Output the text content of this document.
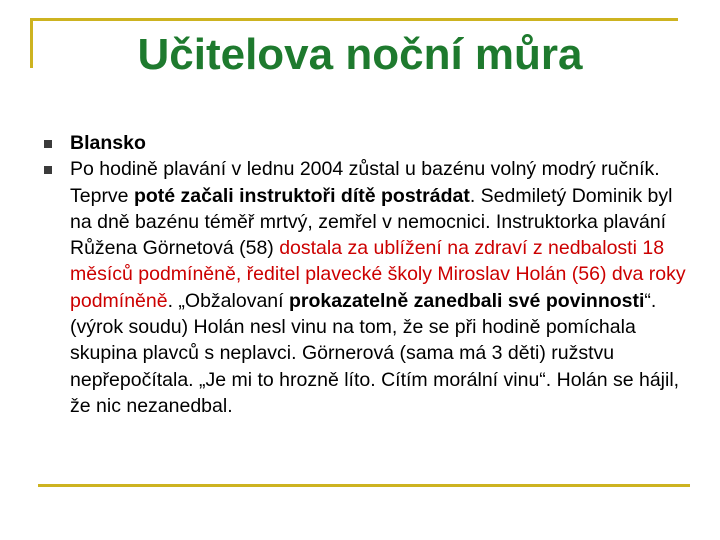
Učitelova noční můra
Blansko
Po hodině plavání v lednu 2004 zůstal u bazénu volný modrý ručník. Teprve poté začali instruktoři dítě postrádat. Sedmiletý Dominik byl na dně bazénu téměř mrtvý, zemřel v nemocnici. Instruktorka plavání Růžena Görnetová (58) dostala za ublížení na zdraví z nedbalosti 18 měsíců podmíněně, ředitel plavecké školy Miroslav Holán (56) dva roky podmíněně. „Obžalovaní prokazatelně zanedbali své povinnosti“. (výrok soudu) Holán nesl vinu na tom, že se při hodině pomíchala skupina plavců s neplavci. Görnerová (sama má 3 děti) ružstvu nepřepočítala. „Je mi to hrozně líto. Cítím morální vinu“. Holán se hájil, že nic nezanedbal.
